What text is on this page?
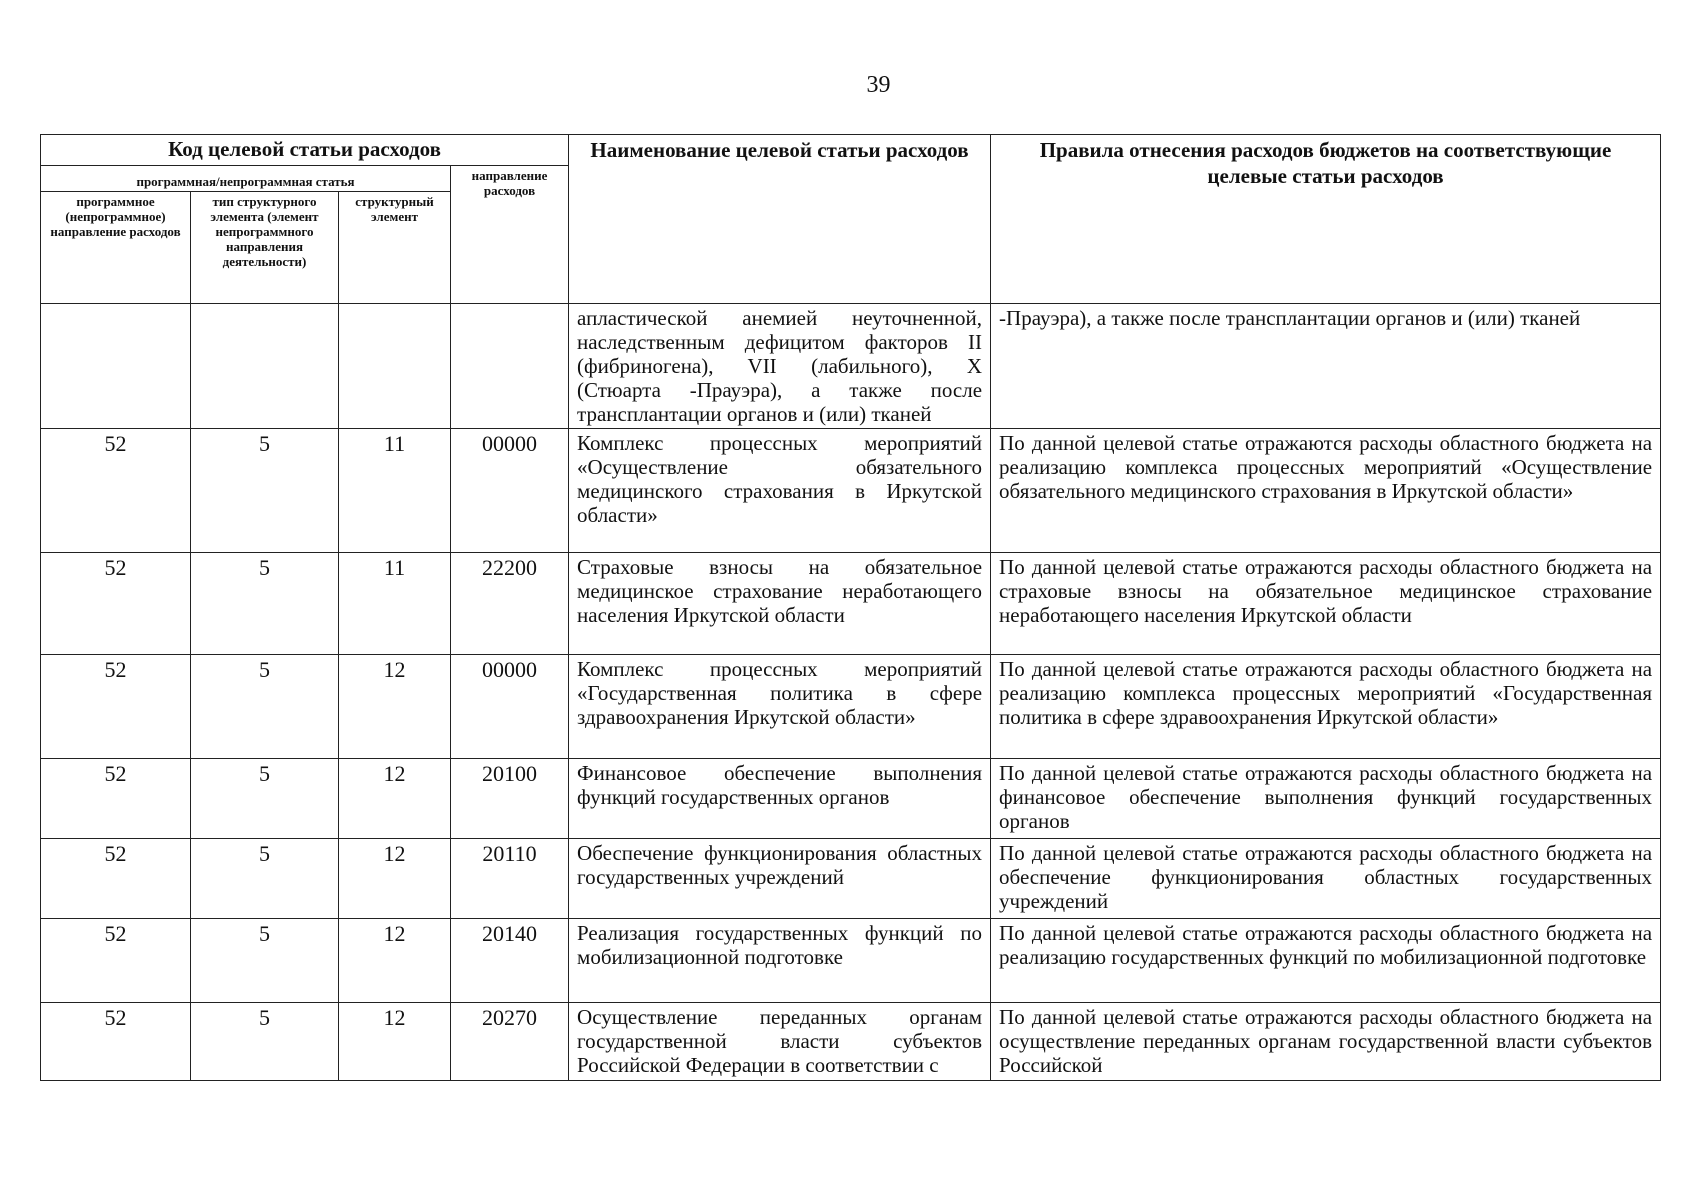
39
Код целевой статьи расходов				Наименование целевой статьи расходов	Правила отнесения расходов бюджетов на соответствующие целевые статьи расходов
программная/непрограммная статья			направление расходов		
программное (непрограммное) направление расходов	тип структурного элемента (элемент непрограммного направления деятельности)	структурный элемент			
				апластической анемией неуточненной, наследственным дефицитом факторов II (фибриногена), VII (лабильного), X (Стюарта -Прауэра), а также после трансплантации органов и (или) тканей	-Прауэра), а также после трансплантации органов и (или) тканей
52	5	11	00000	Комплекс процессных мероприятий «Осуществление обязательного медицинского страхования в Иркутской области»	По данной целевой статье отражаются расходы областного бюджета на реализацию комплекса процессных мероприятий «Осуществление обязательного медицинского страхования в Иркутской области»
52	5	11	22200	Страховые взносы на обязательное медицинское страхование неработающего населения Иркутской области	По данной целевой статье отражаются расходы областного бюджета на страховые взносы на обязательное медицинское страхование неработающего населения Иркутской области
52	5	12	00000	Комплекс процессных мероприятий «Государственная политика в сфере здравоохранения Иркутской области»	По данной целевой статье отражаются расходы областного бюджета на реализацию комплекса процессных мероприятий «Государственная политика в сфере здравоохранения Иркутской области»
52	5	12	20100	Финансовое обеспечение выполнения функций государственных органов	По данной целевой статье отражаются расходы областного бюджета на финансовое обеспечение выполнения функций государственных органов
52	5	12	20110	Обеспечение функционирования областных государственных учреждений	По данной целевой статье отражаются расходы областного бюджета на обеспечение функционирования областных государственных учреждений
52	5	12	20140	Реализация государственных функций по мобилизационной подготовке	По данной целевой статье отражаются расходы областного бюджета на реализацию государственных функций по мобилизационной подготовке
52	5	12	20270	Осуществление переданных органам государственной власти субъектов Российской Федерации в соответствии с	По данной целевой статье отражаются расходы областного бюджета на осуществление переданных органам государственной власти субъектов Российской
